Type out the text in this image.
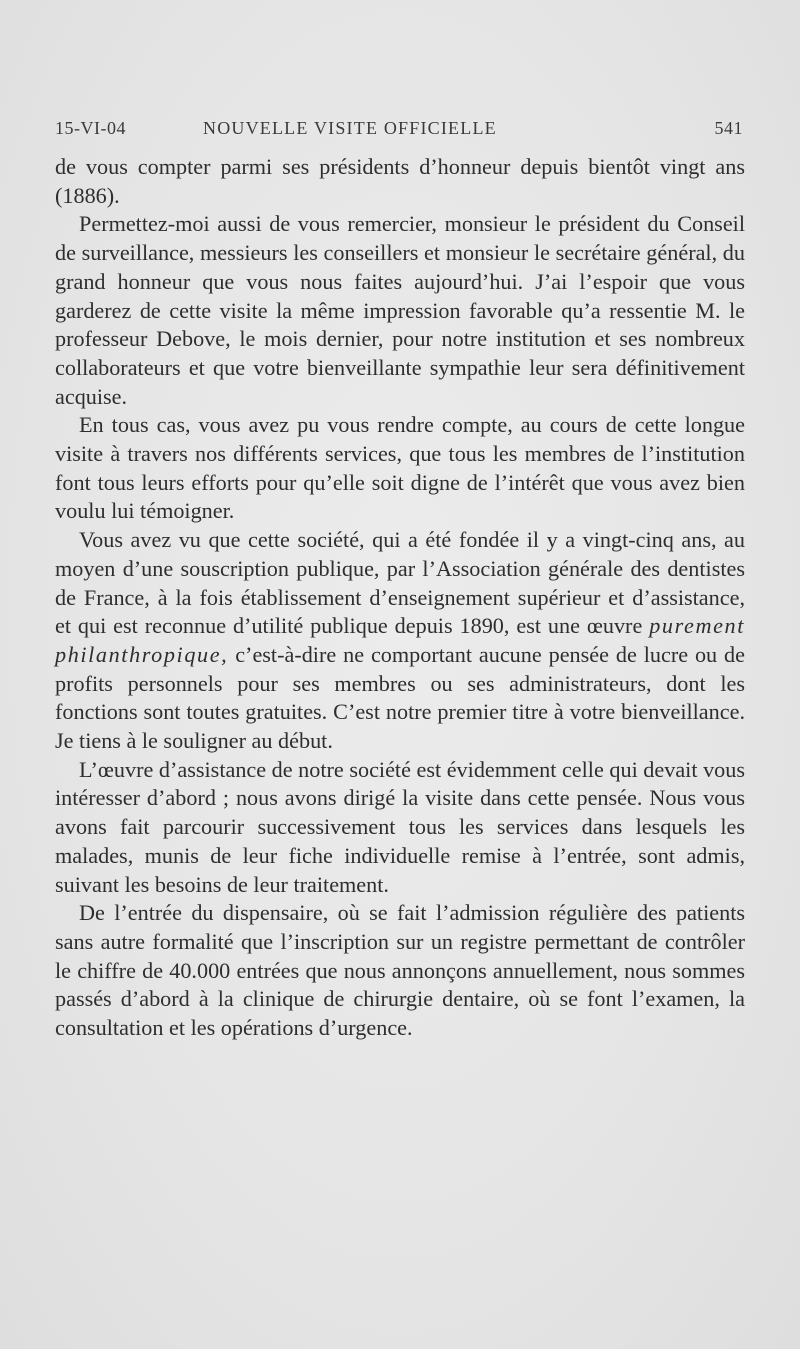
15-VI-04	NOUVELLE VISITE OFFICIELLE	541

de vous compter parmi ses présidents d’honneur depuis bientôt vingt ans (1886).

Permettez-moi aussi de vous remercier, monsieur le président du Conseil de surveillance, messieurs les conseillers et monsieur le secrétaire général, du grand honneur que vous nous faites aujourd’hui. J’ai l’espoir que vous garderez de cette visite la même impression favorable qu’a ressentie M. le professeur Debove, le mois dernier, pour notre institution et ses nombreux collaborateurs et que votre bienveillante sympathie leur sera définitivement acquise.

En tous cas, vous avez pu vous rendre compte, au cours de cette longue visite à travers nos différents services, que tous les membres de l’institution font tous leurs efforts pour qu’elle soit digne de l’intérêt que vous avez bien voulu lui témoigner.

Vous avez vu que cette société, qui a été fondée il y a vingt-cinq ans, au moyen d’une souscription publique, par l’Association générale des dentistes de France, à la fois établissement d’enseignement supérieur et d’assistance, et qui est reconnue d’utilité publique depuis 1890, est une œuvre purement philanthropique, c’est-à-dire ne comportant aucune pensée de lucre ou de profits personnels pour ses membres ou ses administrateurs, dont les fonctions sont toutes gratuites. C’est notre premier titre à votre bienveillance. Je tiens à le souligner au début.

L’œuvre d’assistance de notre société est évidemment celle qui devait vous intéresser d’abord ; nous avons dirigé la visite dans cette pensée. Nous vous avons fait parcourir successivement tous les services dans lesquels les malades, munis de leur fiche individuelle remise à l’entrée, sont admis, suivant les besoins de leur traitement.

De l’entrée du dispensaire, où se fait l’admission régulière des patients sans autre formalité que l’inscription sur un registre permettant de contrôler le chiffre de 40.000 entrées que nous annonçons annuellement, nous sommes passés d’abord à la clinique de chirurgie dentaire, où se font l’examen, la consultation et les opérations d’urgence.
